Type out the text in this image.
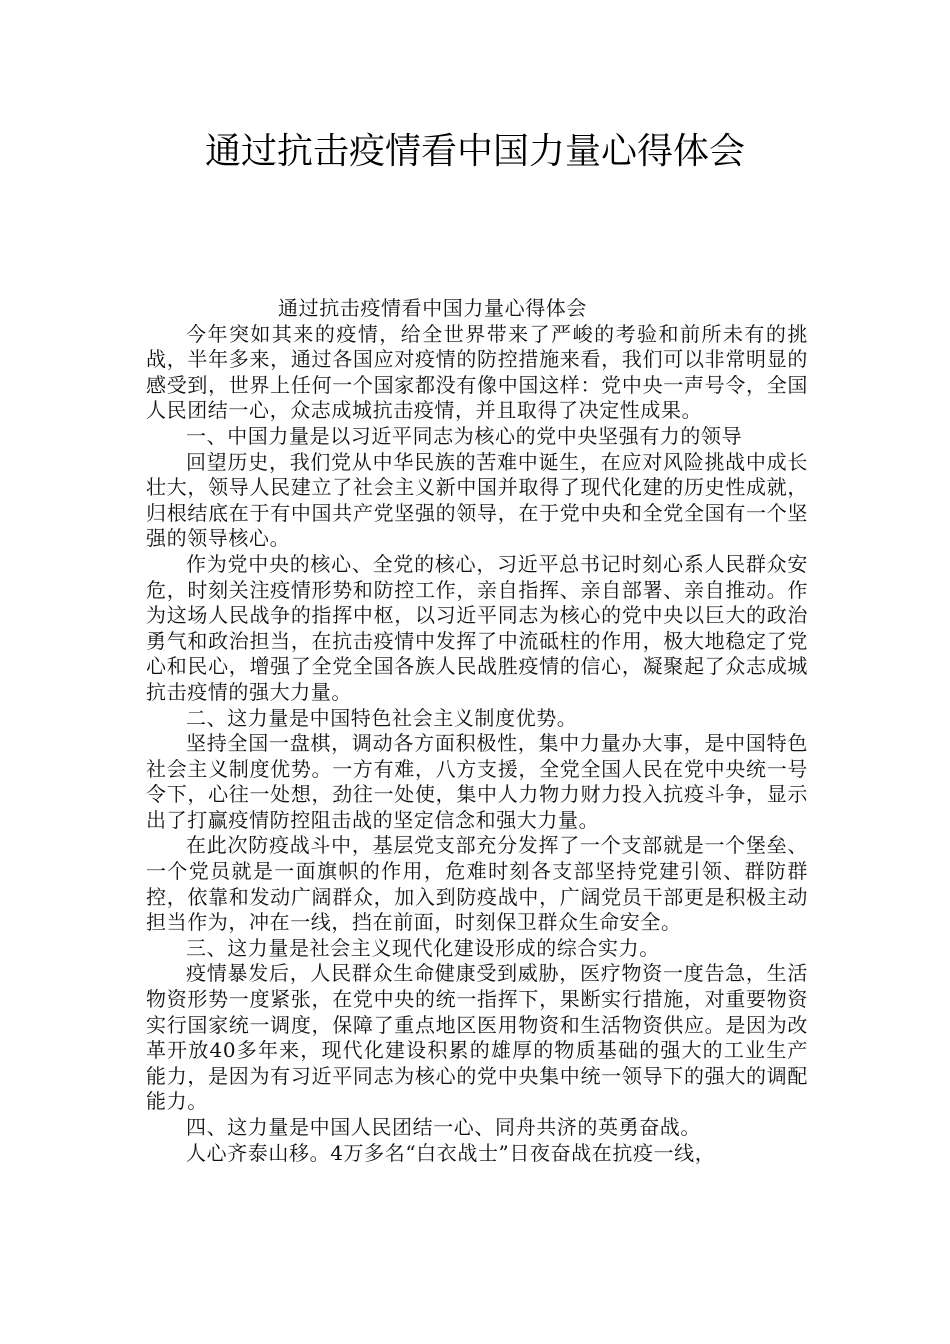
通过抗击疫情看中国力量心得体会

通过抗击疫情看中国力量心得体会

今年突如其来的疫情，给全世界带来了严峻的考验和前所未有的挑战，半年多来，通过各国应对疫情的防控措施来看，我们可以非常明显的感受到，世界上任何一个国家都没有像中国这样：党中央一声号令，全国人民团结一心，众志成城抗击疫情，并且取得了决定性成果。

一、中国力量是以习近平同志为核心的党中央坚强有力的领导

回望历史，我们党从中华民族的苦难中诞生，在应对风险挑战中成长壮大，领导人民建立了社会主义新中国并取得了现代化建的历史性成就，归根结底在于有中国共产党坚强的领导，在于党中央和全党全国有一个坚强的领导核心。

作为党中央的核心、全党的核心，习近平总书记时刻心系人民群众安危，时刻关注疫情形势和防控工作，亲自指挥、亲自部署、亲自推动。作为这场人民战争的指挥中枢，以习近平同志为核心的党中央以巨大的政治勇气和政治担当，在抗击疫情中发挥了中流砥柱的作用，极大地稳定了党心和民心，增强了全党全国各族人民战胜疫情的信心，凝聚起了众志成城抗击疫情的强大力量。

二、这力量是中国特色社会主义制度优势。

坚持全国一盘棋，调动各方面积极性，集中力量办大事，是中国特色社会主义制度优势。一方有难，八方支援，全党全国人民在党中央统一号令下，心往一处想，劲往一处使，集中人力物力财力投入抗疫斗争，显示出了打赢疫情防控阻击战的坚定信念和强大力量。

在此次防疫战斗中，基层党支部充分发挥了一个支部就是一个堡垒、一个党员就是一面旗帜的作用，危难时刻各支部坚持党建引领、群防群控，依靠和发动广阔群众，加入到防疫战中，广阔党员干部更是积极主动担当作为，冲在一线，挡在前面，时刻保卫群众生命安全。

三、这力量是社会主义现代化建设形成的综合实力。

疫情暴发后，人民群众生命健康受到威胁，医疗物资一度告急，生活物资形势一度紧张，在党中央的统一指挥下，果断实行措施，对重要物资实行国家统一调度，保障了重点地区医用物资和生活物资供应。是因为改革开放40多年来，现代化建设积累的雄厚的物质基础的强大的工业生产能力，是因为有习近平同志为核心的党中央集中统一领导下的强大的调配能力。

四、这力量是中国人民团结一心、同舟共济的英勇奋战。

人心齐泰山移。4万多名“白衣战士”日夜奋战在抗疫一线，
